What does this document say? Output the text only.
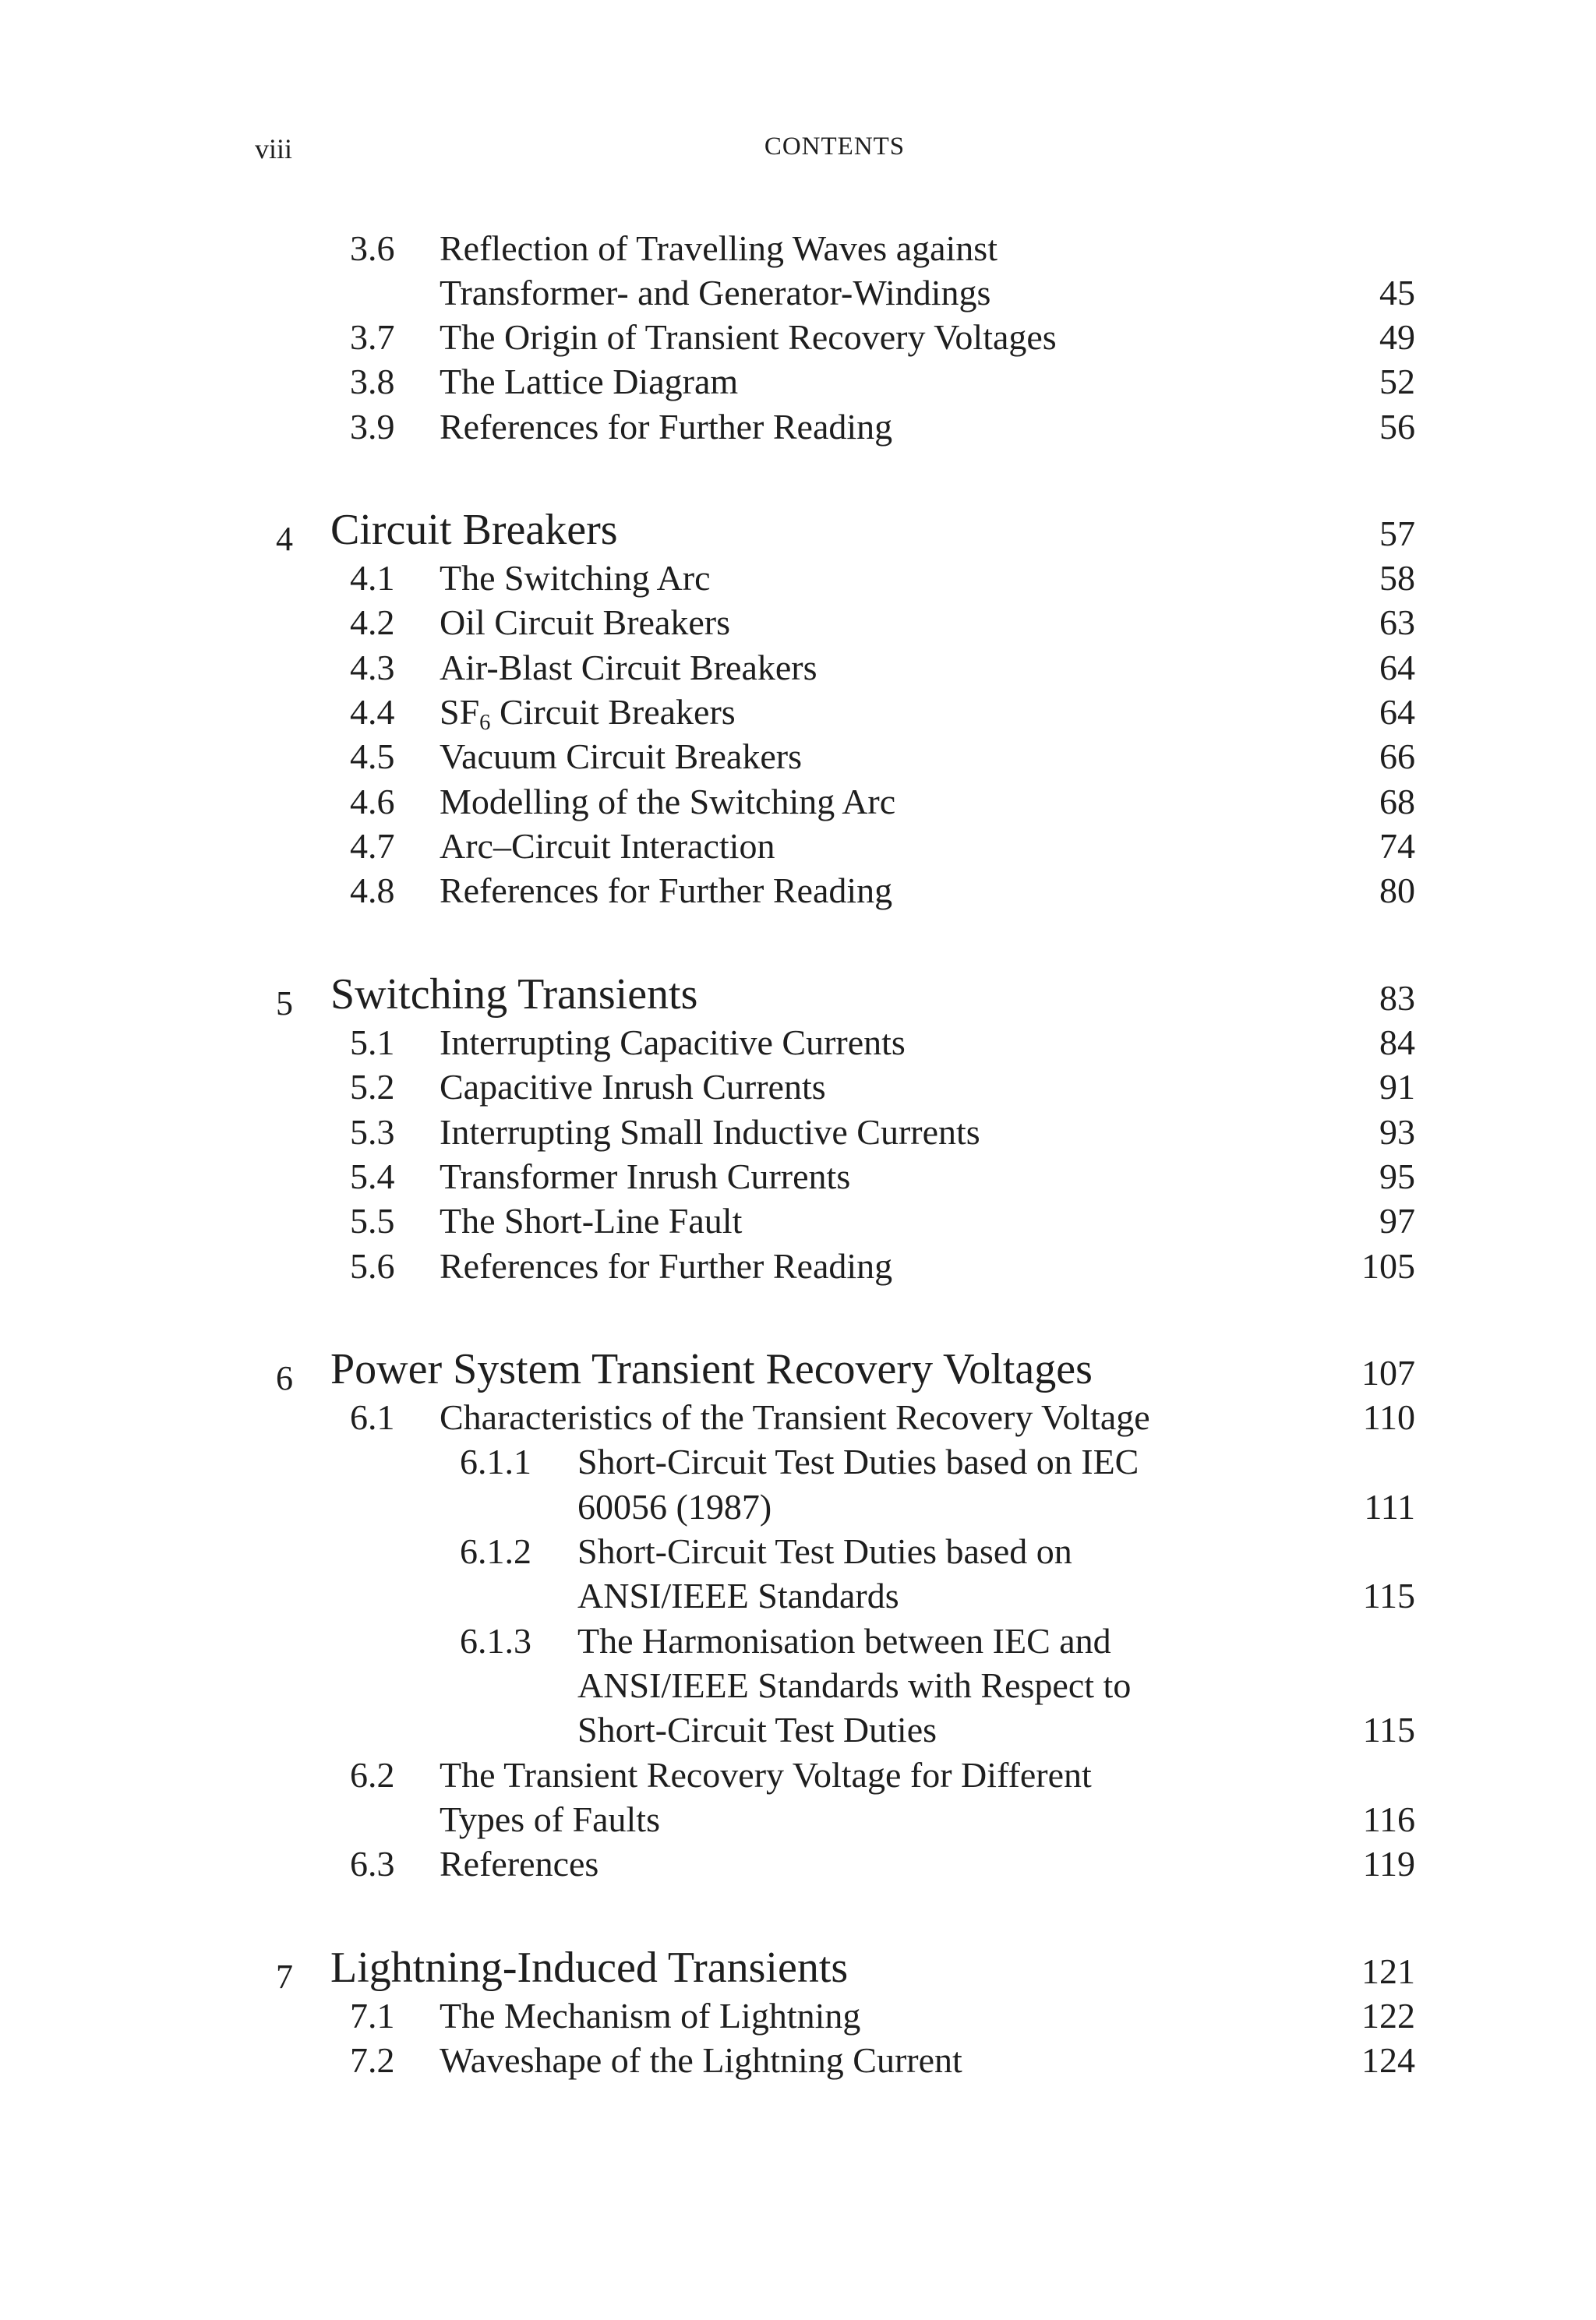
viii	CONTENTS
3.6 Reflection of Travelling Waves against
Transformer- and Generator-Windings	45
3.7 The Origin of Transient Recovery Voltages	49
3.8 The Lattice Diagram	52
3.9 References for Further Reading	56
4 Circuit Breakers	57
4.1 The Switching Arc	58
4.2 Oil Circuit Breakers	63
4.3 Air-Blast Circuit Breakers	64
4.4 $SF_6$ Circuit Breakers	64
4.5 Vacuum Circuit Breakers	66
4.6 Modelling of the Switching Arc	68
4.7 Arc–Circuit Interaction	74
4.8 References for Further Reading	80
5 Switching Transients	83
5.1 Interrupting Capacitive Currents	84
5.2 Capacitive Inrush Currents	91
5.3 Interrupting Small Inductive Currents	93
5.4 Transformer Inrush Currents	95
5.5 The Short-Line Fault	97
5.6 References for Further Reading	105
6 Power System Transient Recovery Voltages	107
6.1 Characteristics of the Transient Recovery Voltage	110
6.1.1 Short-Circuit Test Duties based on IEC
60056 (1987)	111
6.1.2 Short-Circuit Test Duties based on
ANSI/IEEE Standards	115
6.1.3 The Harmonisation between IEC and
ANSI/IEEE Standards with Respect to
Short-Circuit Test Duties	115
6.2 The Transient Recovery Voltage for Different
Types of Faults	116
6.3 References	119
7 Lightning-Induced Transients	121
7.1 The Mechanism of Lightning	122
7.2 Waveshape of the Lightning Current	124
